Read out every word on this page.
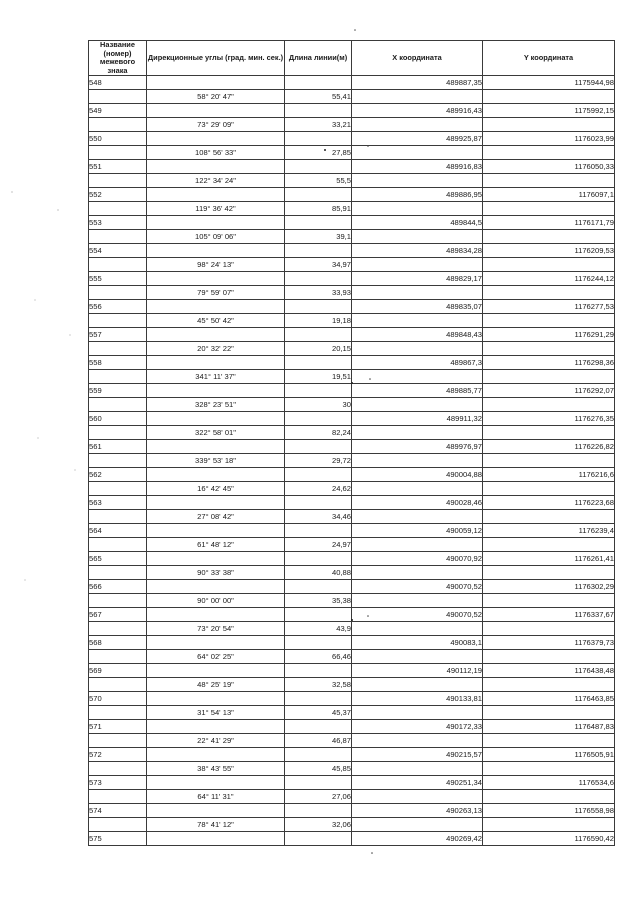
Название (номер) межевого знака	Дирекционные углы (град. мин. сек.)	Длина линии(м)	X координата	Y координата
548			489887,35	1175944,98
	58° 20' 47"	55,41		
549			489916,43	1175992,15
	73° 29' 09"	33,21		
550			489925,87	1176023,99
	108° 56' 33"	27,85		
551			489916,83	1176050,33
	122° 34' 24"	55,5		
552			489886,95	1176097,1
	119° 36' 42"	85,91		
553			489844,5	1176171,79
	105° 09' 06"	39,1		
554			489834,28	1176209,53
	98° 24' 13"	34,97		
555			489829,17	1176244,12
	79° 59' 07"	33,93		
556			489835,07	1176277,53
	45° 50' 42"	19,18		
557			489848,43	1176291,29
	20° 32' 22"	20,15		
558			489867,3	1176298,36
	341° 11' 37"	19,51		
559			489885,77	1176292,07
	328° 23' 51"	30		
560			489911,32	1176276,35
	322° 58' 01"	82,24		
561			489976,97	1176226,82
	339° 53' 18"	29,72		
562			490004,88	1176216,6
	16° 42' 45"	24,62		
563			490028,46	1176223,68
	27° 08' 42"	34,46		
564			490059,12	1176239,4
	61° 48' 12"	24,97		
565			490070,92	1176261,41
	90° 33' 38"	40,88		
566			490070,52	1176302,29
	90° 00' 00"	35,38		
567			490070,52	1176337,67
	73° 20' 54"	43,9		
568			490083,1	1176379,73
	64° 02' 25"	66,46		
569			490112,19	1176438,48
	48° 25' 19"	32,58		
570			490133,81	1176463,85
	31° 54' 13"	45,37		
571			490172,33	1176487,83
	22° 41' 29"	46,87		
572			490215,57	1176505,91
	38° 43' 55"	45,85		
573			490251,34	1176534,6
	64° 11' 31"	27,06		
574			490263,13	1176558,98
	78° 41' 12"	32,06		
575			490269,42	1176590,42
